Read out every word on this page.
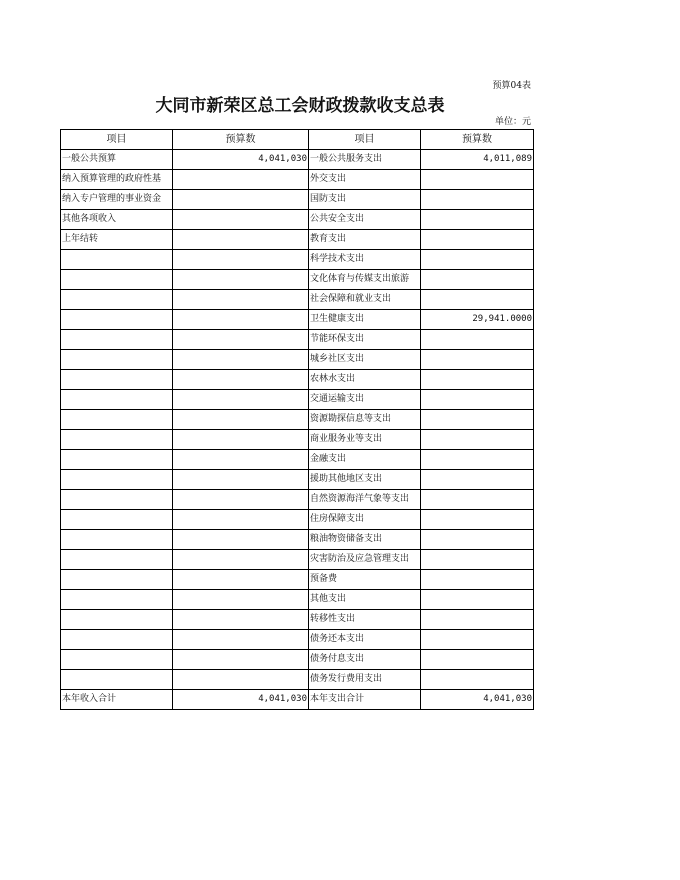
预算04表
大同市新荣区总工会财政拨款收支总表
单位：元
项目	预算数	项目	预算数
一般公共预算	4,041,030	一般公共服务支出	4,011,089
纳入预算管理的政府性基		外交支出	
纳入专户管理的事业资金		国防支出	
其他各项收入		公共安全支出	
上年结转		教育支出	
		科学技术支出	
		文化体育与传媒支出旅游	
		社会保障和就业支出	
		卫生健康支出	29,941.0000
		节能环保支出	
		城乡社区支出	
		农林水支出	
		交通运输支出	
		资源勘探信息等支出	
		商业服务业等支出	
		金融支出	
		援助其他地区支出	
		自然资源海洋气象等支出	
		住房保障支出	
		粮油物资储备支出	
		灾害防治及应急管理支出	
		预备费	
		其他支出	
		转移性支出	
		债务还本支出	
		债务付息支出	
		债务发行费用支出	
本年收入合计	4,041,030	本年支出合计	4,041,030
